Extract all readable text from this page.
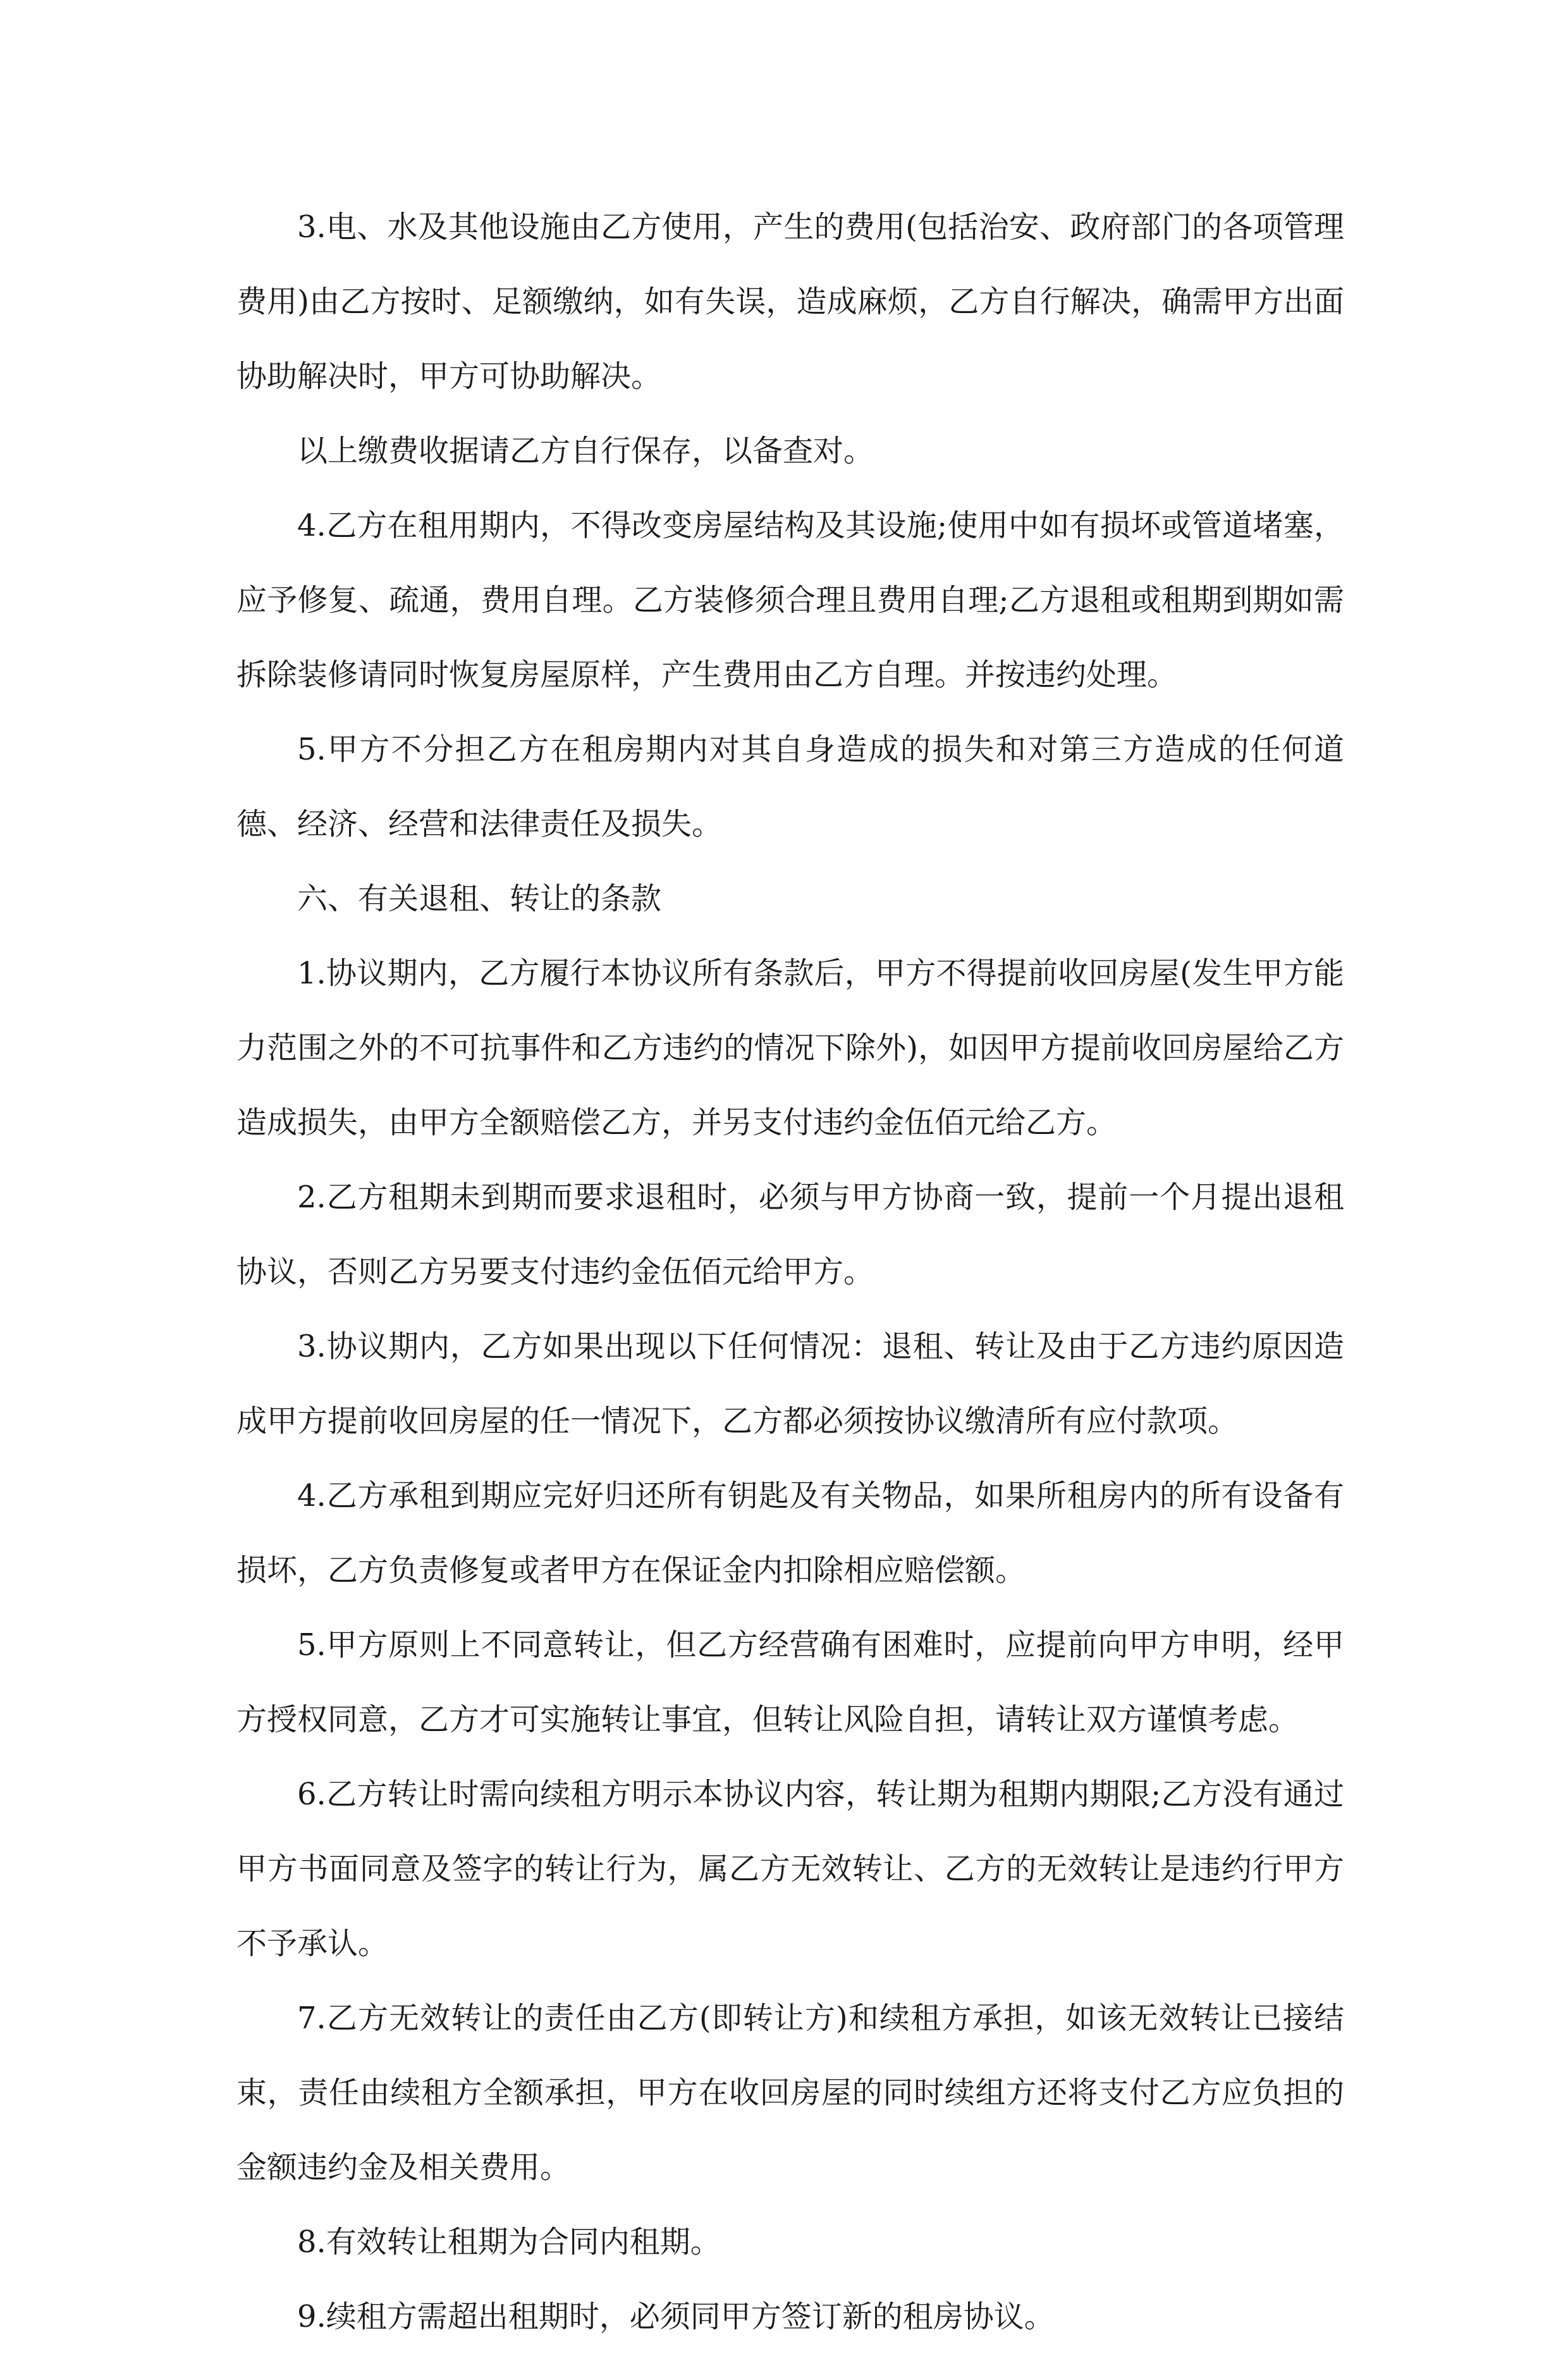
3.电、水及其他设施由乙方使用，产生的费用(包括治安、政府部门的各项管理费用)由乙方按时、足额缴纳，如有失误，造成麻烦，乙方自行解决，确需甲方出面协助解决时，甲方可协助解决。

以上缴费收据请乙方自行保存，以备查对。

4.乙方在租用期内，不得改变房屋结构及其设施;使用中如有损坏或管道堵塞，应予修复、疏通，费用自理。乙方装修须合理且费用自理;乙方退租或租期到期如需拆除装修请同时恢复房屋原样，产生费用由乙方自理。并按违约处理。

5.甲方不分担乙方在租房期内对其自身造成的损失和对第三方造成的任何道德、经济、经营和法律责任及损失。

六、有关退租、转让的条款

1.协议期内，乙方履行本协议所有条款后，甲方不得提前收回房屋(发生甲方能力范围之外的不可抗事件和乙方违约的情况下除外)，如因甲方提前收回房屋给乙方造成损失，由甲方全额赔偿乙方，并另支付违约金伍佰元给乙方。

2.乙方租期未到期而要求退租时，必须与甲方协商一致，提前一个月提出退租协议，否则乙方另要支付违约金伍佰元给甲方。

3.协议期内，乙方如果出现以下任何情况：退租、转让及由于乙方违约原因造成甲方提前收回房屋的任一情况下，乙方都必须按协议缴清所有应付款项。

4.乙方承租到期应完好归还所有钥匙及有关物品，如果所租房内的所有设备有损坏，乙方负责修复或者甲方在保证金内扣除相应赔偿额。

5.甲方原则上不同意转让，但乙方经营确有困难时，应提前向甲方申明，经甲方授权同意，乙方才可实施转让事宜，但转让风险自担，请转让双方谨慎考虑。

6.乙方转让时需向续租方明示本协议内容，转让期为租期内期限;乙方没有通过甲方书面同意及签字的转让行为，属乙方无效转让、乙方的无效转让是违约行甲方不予承认。

7.乙方无效转让的责任由乙方(即转让方)和续租方承担，如该无效转让已接结束，责任由续租方全额承担，甲方在收回房屋的同时续组方还将支付乙方应负担的金额违约金及相关费用。

8.有效转让租期为合同内租期。

9.续租方需超出租期时，必须同甲方签订新的租房协议。
